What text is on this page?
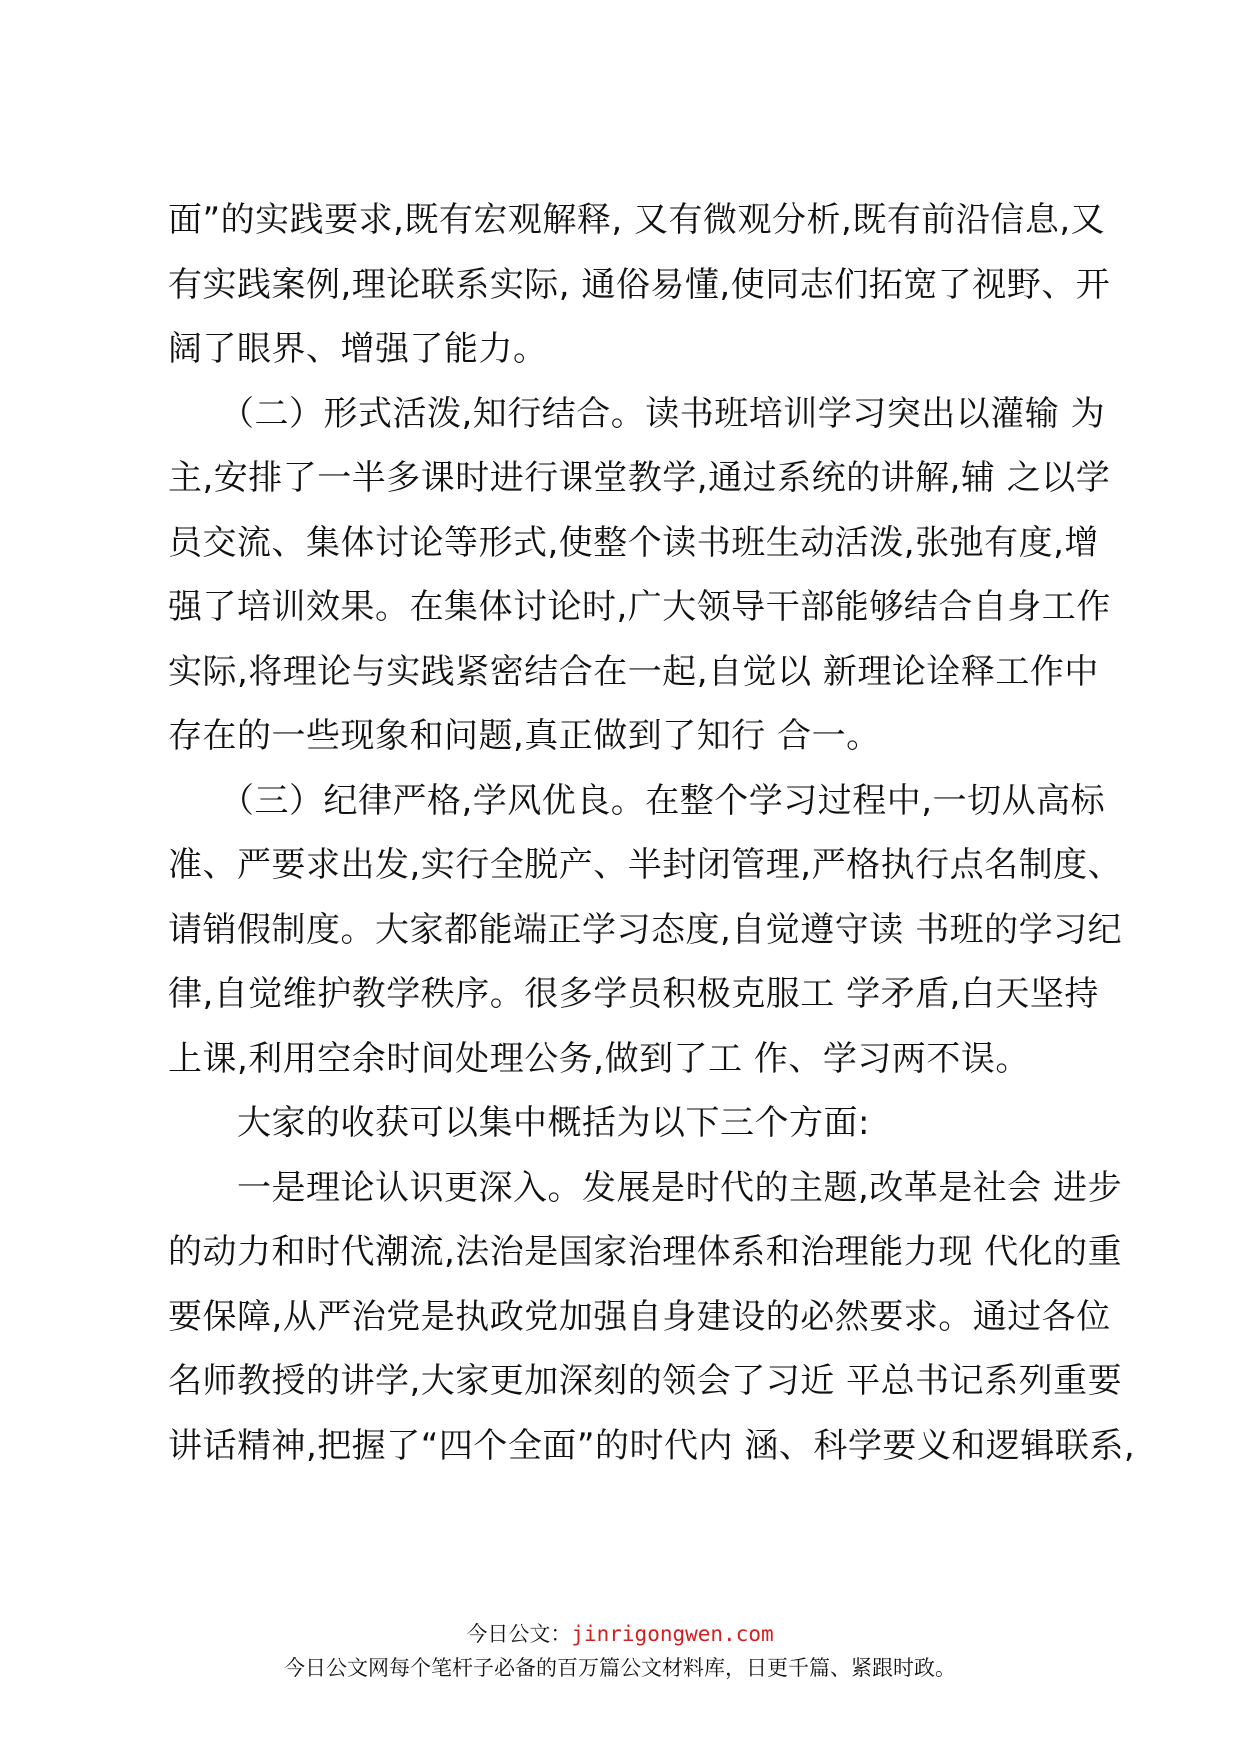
面”的实践要求,既有宏观解释, 又有微观分析,既有前沿信息,又
有实践案例,理论联系实际, 通俗易懂,使同志们拓宽了视野、开
阔了眼界、增强了能力。
　　（二）形式活泼,知行结合。读书班培训学习突出以灌输 为
主,安排了一半多课时进行课堂教学,通过系统的讲解,辅 之以学
员交流、集体讨论等形式,使整个读书班生动活泼,张弛有度,增
强了培训效果。在集体讨论时,广大领导干部能够结合自身工作
实际,将理论与实践紧密结合在一起,自觉以 新理论诠释工作中
存在的一些现象和问题,真正做到了知行 合一。
　　（三）纪律严格,学风优良。在整个学习过程中,一切从高标
准、严要求出发,实行全脱产、半封闭管理,严格执行点名制度、
请销假制度。大家都能端正学习态度,自觉遵守读 书班的学习纪
律,自觉维护教学秩序。很多学员积极克服工 学矛盾,白天坚持
上课,利用空余时间处理公务,做到了工 作、学习两不误。
　　大家的收获可以集中概括为以下三个方面:
　　一是理论认识更深入。发展是时代的主题,改革是社会 进步
的动力和时代潮流,法治是国家治理体系和治理能力现 代化的重
要保障,从严治党是执政党加强自身建设的必然要求。通过各位
名师教授的讲学,大家更加深刻的领会了习近 平总书记系列重要
讲话精神,把握了“四个全面”的时代内 涵、科学要义和逻辑联系,
今日公文：jinrigongwen.com
今日公文网每个笔杆子必备的百万篇公文材料库，日更千篇、紧跟时政。
